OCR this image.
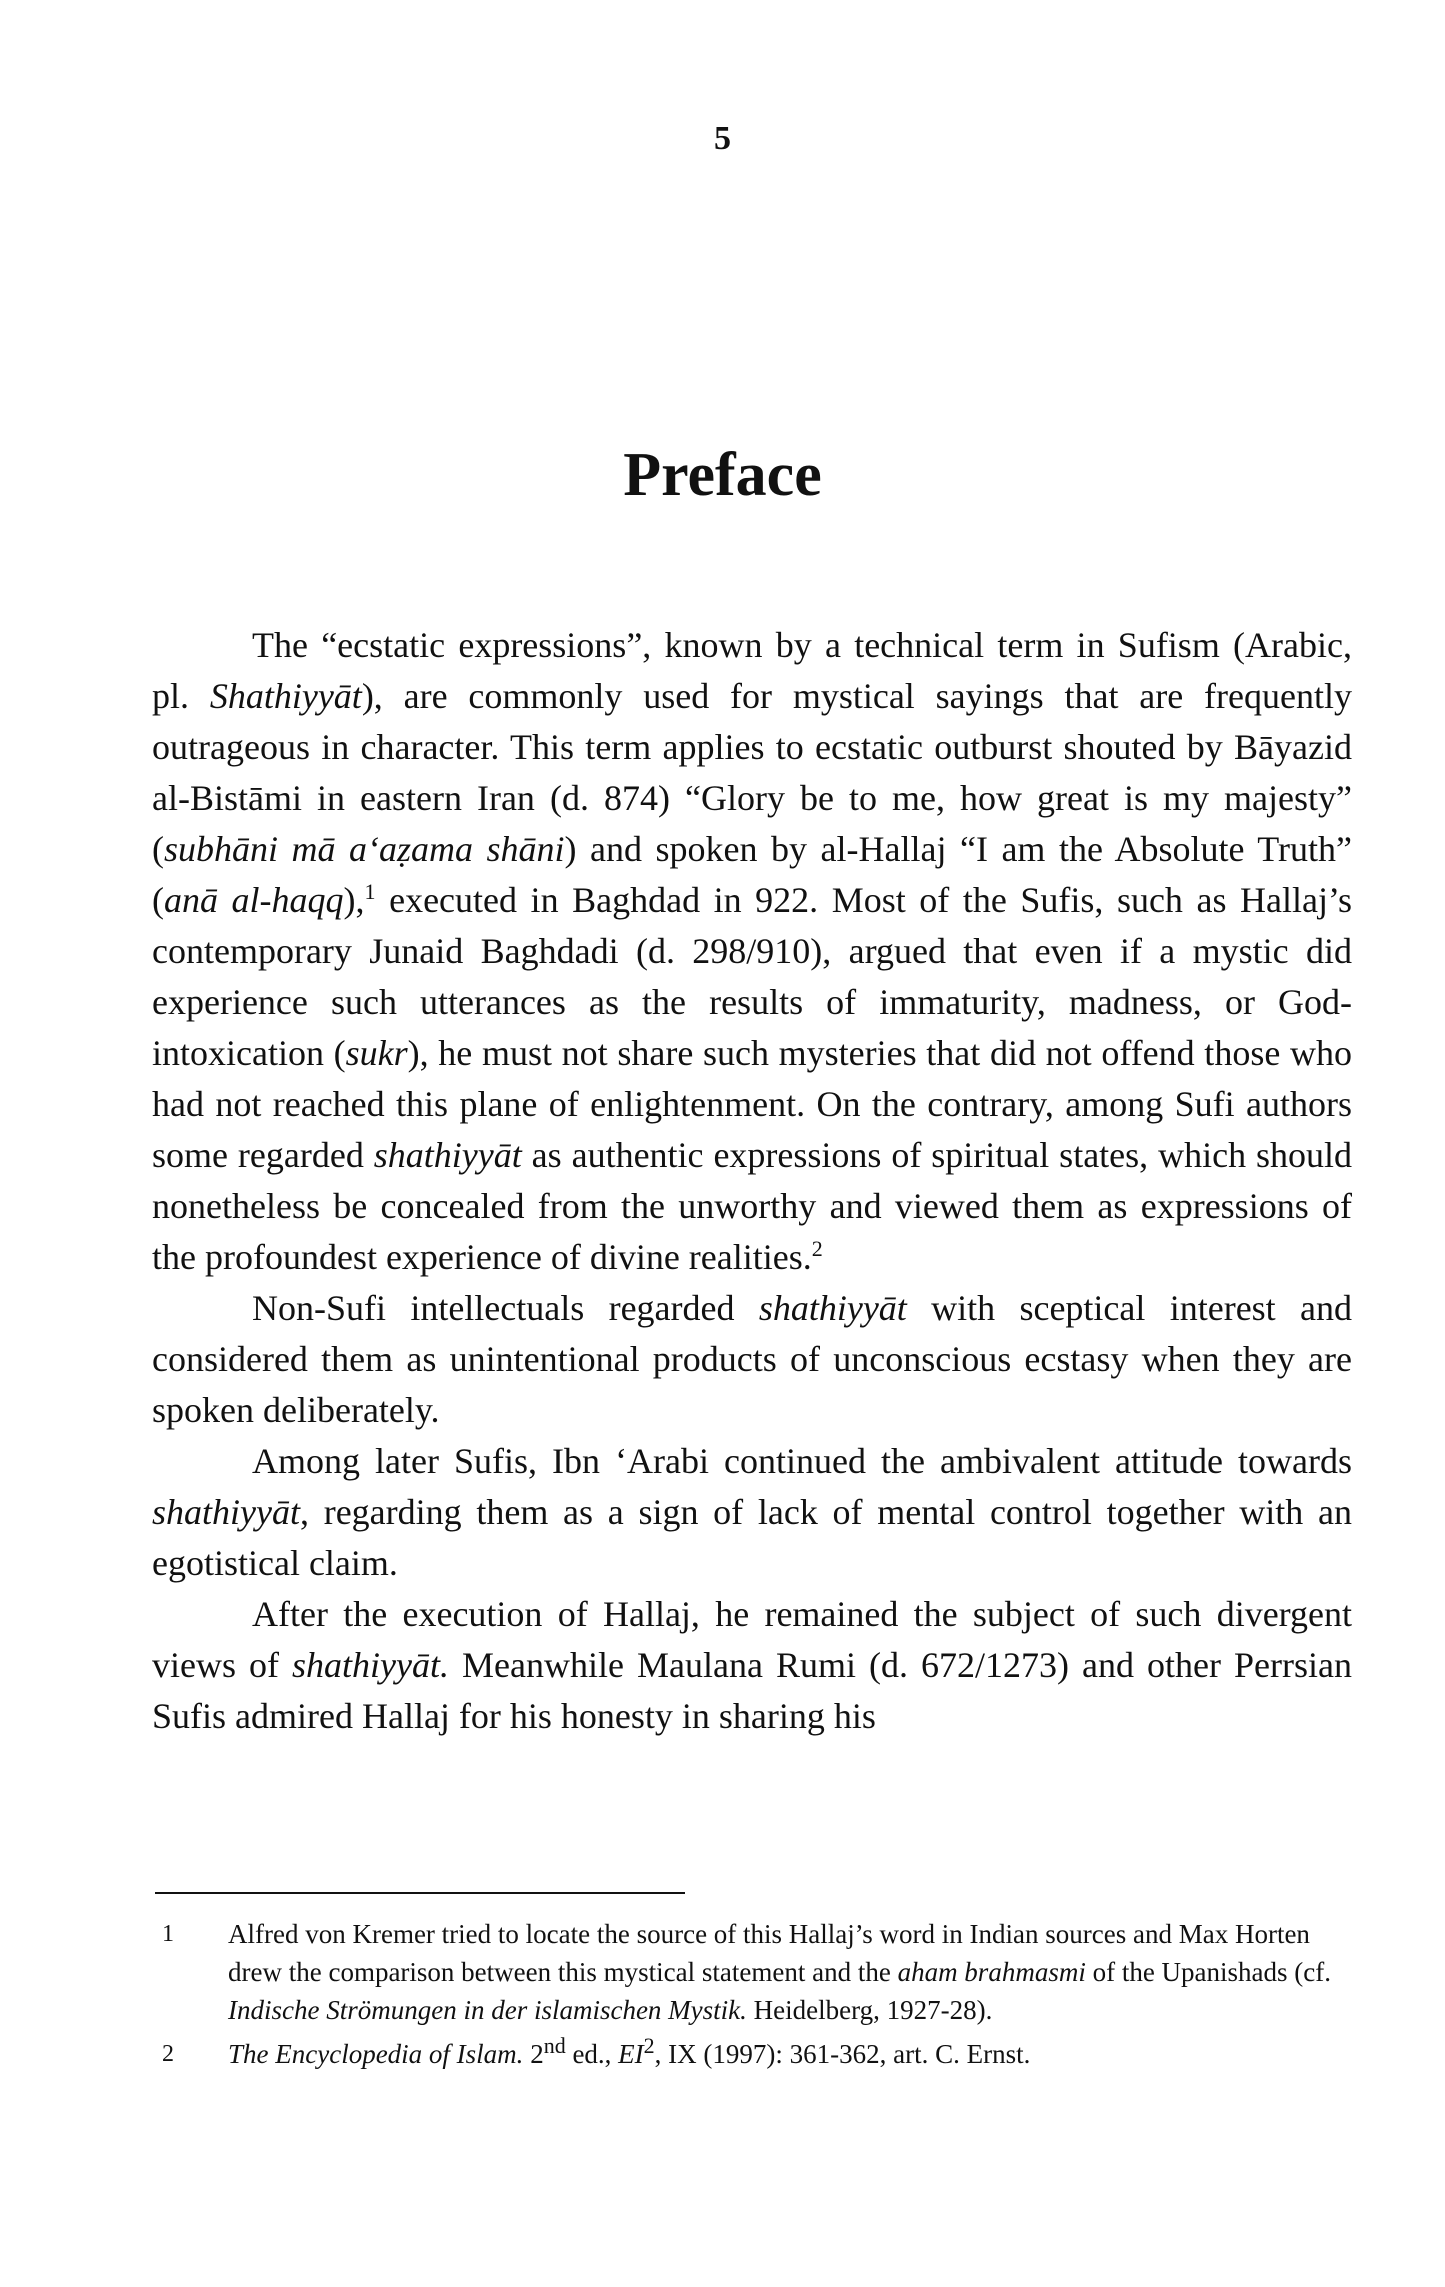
5
Preface

The “ecstatic expressions”, known by a technical term in Sufism (Arabic, pl. Shathiyyāt), are commonly used for mystical sayings that are frequently outrageous in character. This term applies to ecstatic outburst shouted by Bāyazid al-Bistāmi in eastern Iran (d. 874) “Glory be to me, how great is my majesty” (subhāni mā a‘aẓama shāni) and spoken by al-Hallaj “I am the Absolute Truth” (anā al-haqq),$^1$ executed in Baghdad in 922. Most of the Sufis, such as Hallaj’s contemporary Junaid Baghdadi (d. 298/910), argued that even if a mystic did experience such utterances as the results of immaturity, madness, or God-intoxication (sukr), he must not share such mysteries that did not offend those who had not reached this plane of enlightenment. On the contrary, among Sufi authors some regarded shathiyyāt as authentic expressions of spiritual states, which should nonetheless be concealed from the unworthy and viewed them as expressions of the profoundest experience of divine realities.$^2$

Non-Sufi intellectuals regarded shathiyyāt with sceptical interest and considered them as unintentional products of unconscious ecstasy when they are spoken deliberately.

Among later Sufis, Ibn ‘Arabi continued the ambivalent attitude towards shathiyyāt, regarding them as a sign of lack of mental control together with an egotistical claim.

After the execution of Hallaj, he remained the subject of such divergent views of shathiyyāt. Meanwhile Maulana Rumi (d. 672/1273) and other Perrsian Sufis admired Hallaj for his honesty in sharing his

1 Alfred von Kremer tried to locate the source of this Hallaj’s word in Indian sources and Max Horten drew the comparison between this mystical statement and the aham brahmasmi of the Upanishads (cf. Indische Strömungen in der islamischen Mystik. Heidelberg, 1927-28).
2 The Encyclopedia of Islam. 2nd ed., $EI^2$, IX (1997): 361-362, art. C. Ernst.
